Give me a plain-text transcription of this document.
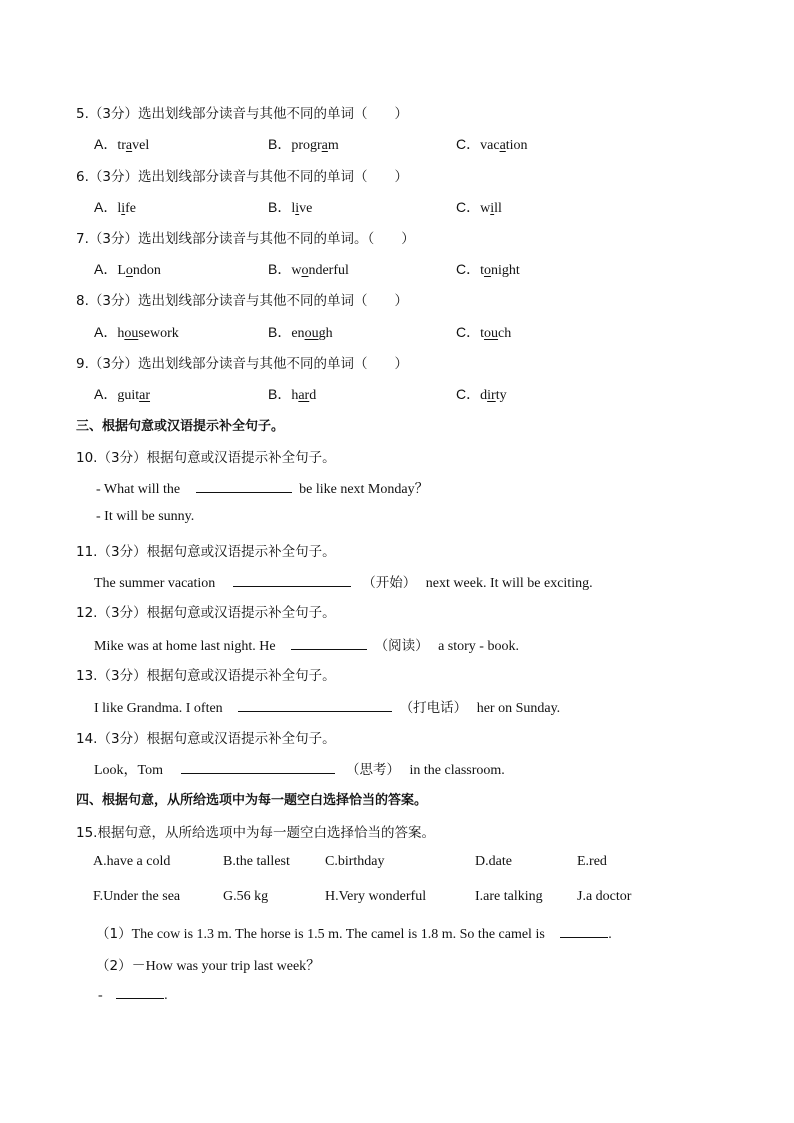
5.（3分）选出划线部分读音与其他不同的单词（　　）
A．travel	B．program	C．vacation
6.（3分）选出划线部分读音与其他不同的单词（　　）
A．life	B．live	C．will
7.（3分）选出划线部分读音与其他不同的单词。（　　）
A．London	B．wonderful	C．tonight
8.（3分）选出划线部分读音与其他不同的单词（　　）
A．housework	B．enough	C．touch
9.（3分）选出划线部分读音与其他不同的单词（　　）
A．guitar	B．hard	C．dirty
三、根据句意或汉语提示补全句子。
10.（3分）根据句意或汉语提示补全句子。
- What will the	be like next Monday？
- It will be sunny.
11.（3分）根据句意或汉语提示补全句子。
The summer vacation	（开始） next week. It will be exciting.
12.（3分）根据句意或汉语提示补全句子。
Mike was at home last night. He	（阅读） a story - book.
13.（3分）根据句意或汉语提示补全句子。
I like Grandma. I often	（打电话） her on Sunday.
14.（3分）根据句意或汉语提示补全句子。
Look，Tom	（思考） in the classroom.
四、根据句意，从所给选项中为每一题空白选择恰当的答案。
15.根据句意，从所给选项中为每一题空白选择恰当的答案。
A.have a cold	B.the tallest	C.birthday	D.date	E.red
F.Under the sea	G.56 kg	H.Very wonderful	I.are talking J.a doctor
（1）The cow is 1.3 m. The horse is 1.5 m. The camel is 1.8 m. So the camel is	.
（2）－How was your trip last week？
-	.
